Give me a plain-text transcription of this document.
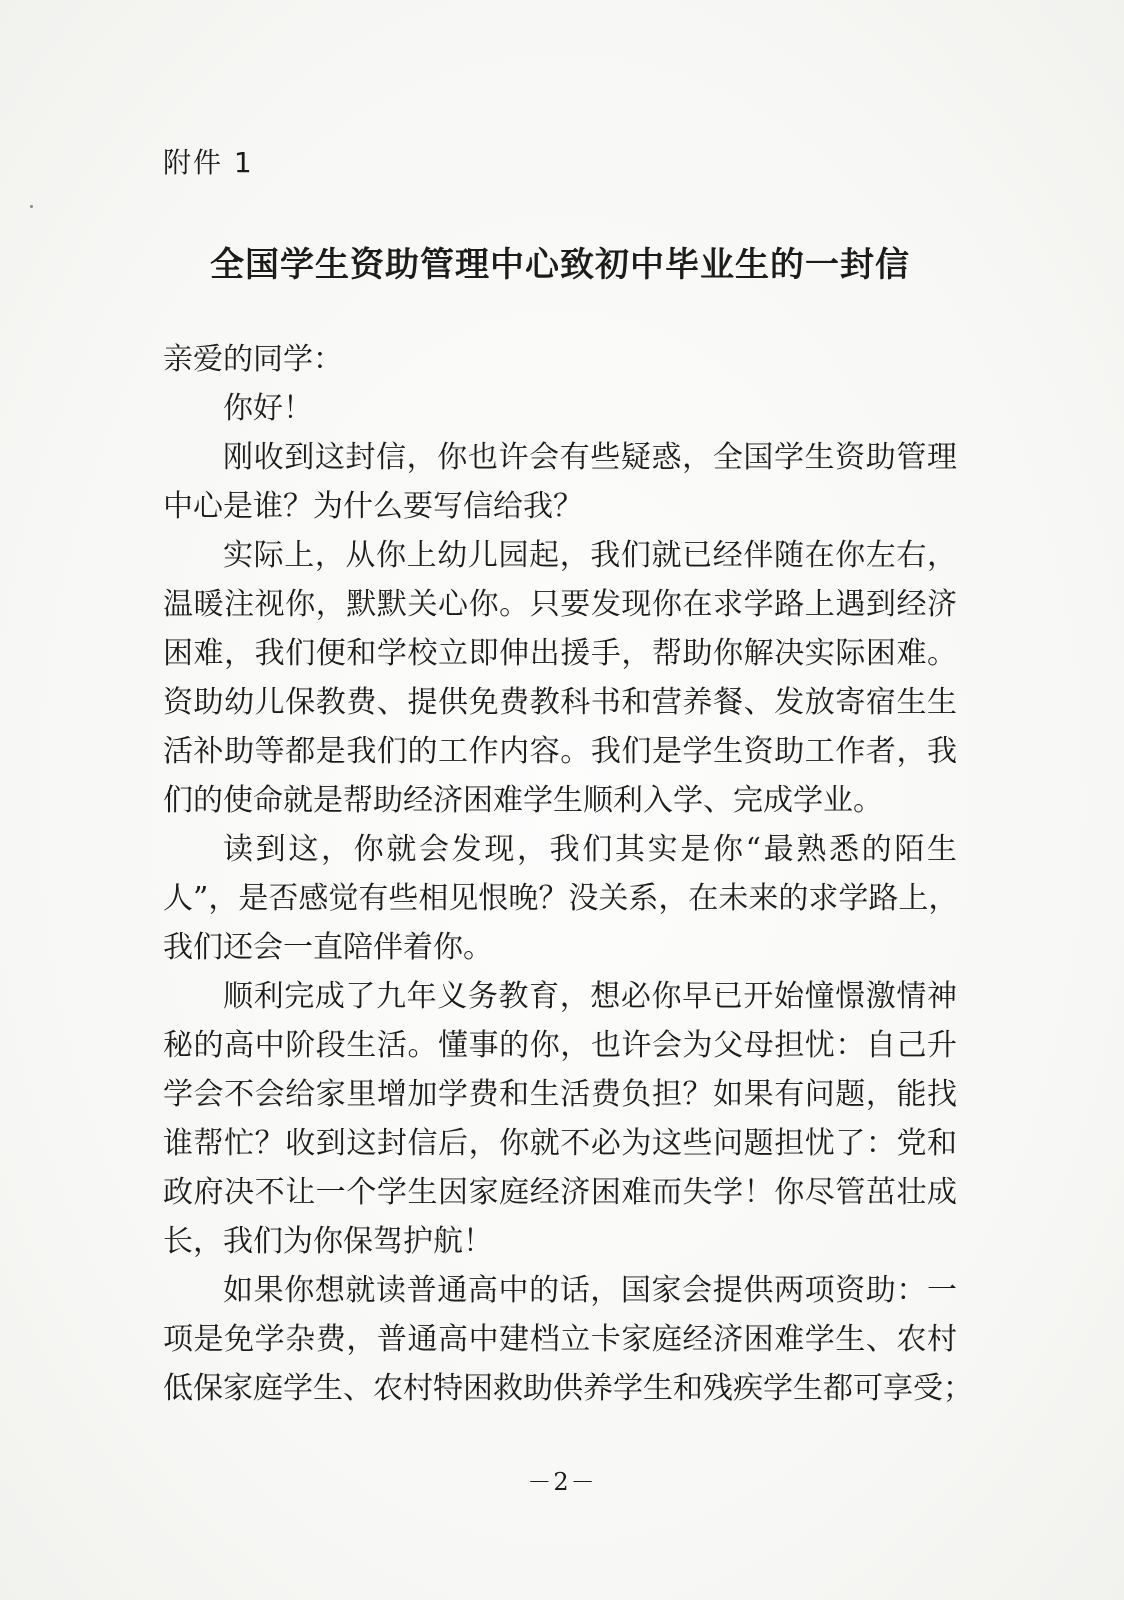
附件 1
全国学生资助管理中心致初中毕业生的一封信
亲爱的同学：
你好！
刚收到这封信，你也许会有些疑惑，全国学生资助管理
中心是谁？为什么要写信给我？
实际上，从你上幼儿园起，我们就已经伴随在你左右，
温暖注视你，默默关心你。只要发现你在求学路上遇到经济
困难，我们便和学校立即伸出援手，帮助你解决实际困难。
资助幼儿保教费、提供免费教科书和营养餐、发放寄宿生生
活补助等都是我们的工作内容。我们是学生资助工作者，我
们的使命就是帮助经济困难学生顺利入学、完成学业。
读到这，你就会发现，我们其实是你“最熟悉的陌生
人”，是否感觉有些相见恨晚？没关系，在未来的求学路上，
我们还会一直陪伴着你。
顺利完成了九年义务教育，想必你早已开始憧憬激情神
秘的高中阶段生活。懂事的你，也许会为父母担忧：自己升
学会不会给家里增加学费和生活费负担？如果有问题，能找
谁帮忙？收到这封信后，你就不必为这些问题担忧了：党和
政府决不让一个学生因家庭经济困难而失学！你尽管茁壮成
长，我们为你保驾护航！
如果你想就读普通高中的话，国家会提供两项资助：一
项是免学杂费，普通高中建档立卡家庭经济困难学生、农村
低保家庭学生、农村特困救助供养学生和残疾学生都可享受；
－2－
